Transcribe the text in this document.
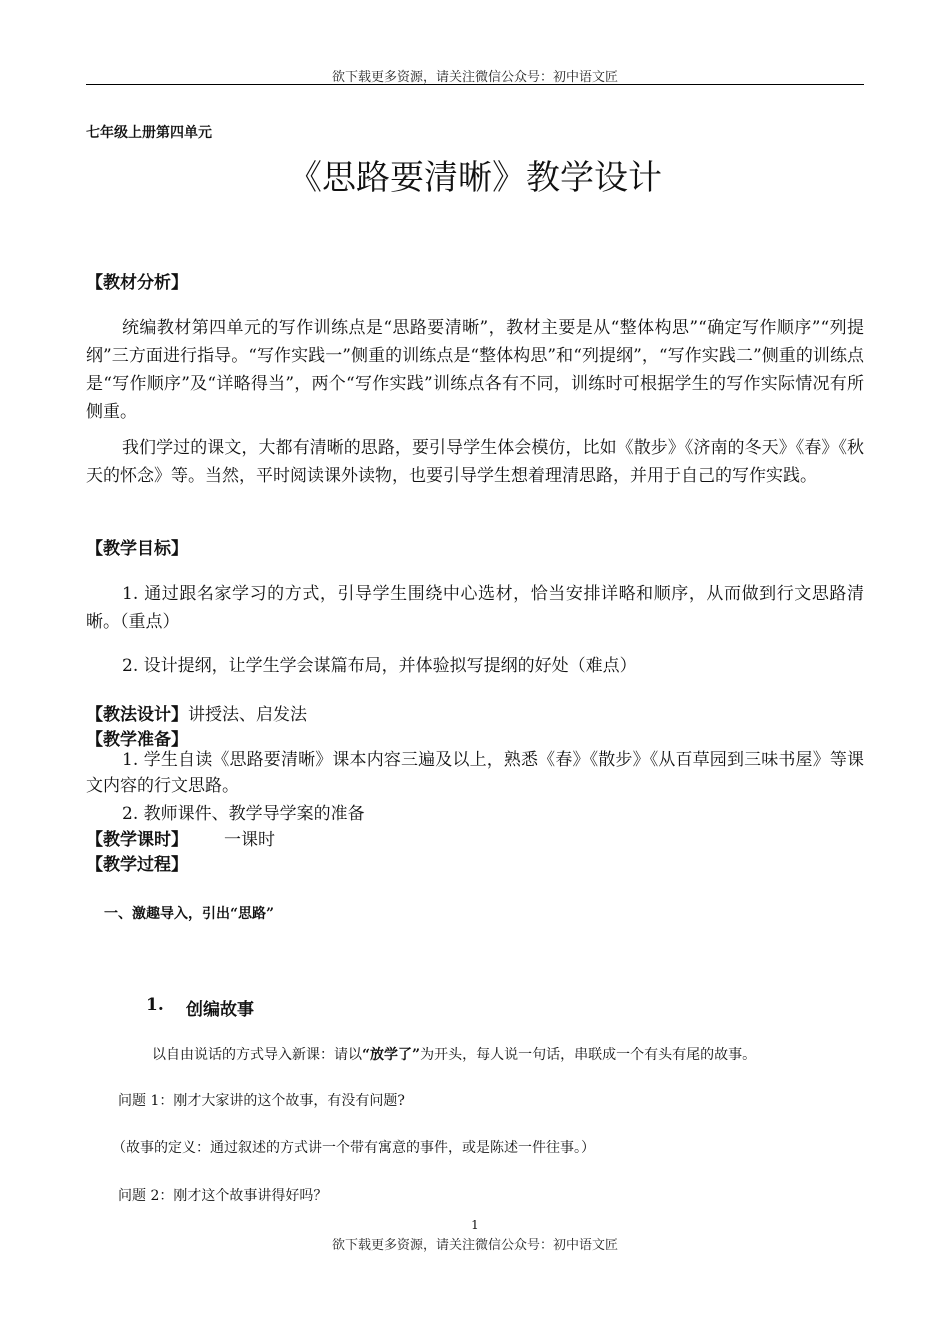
欲下载更多资源，请关注微信公众号：初中语文匠
七年级上册第四单元
《思路要清晰》教学设计
【教材分析】
统编教材第四单元的写作训练点是“思路要清晰”，教材主要是从“整体构思”“确定写作顺序”“列提纲”三方面进行指导。“写作实践一”侧重的训练点是“整体构思”和“列提纲”，“写作实践二”侧重的训练点是“写作顺序”及“详略得当”，两个“写作实践”训练点各有不同，训练时可根据学生的写作实际情况有所侧重。
我们学过的课文，大都有清晰的思路，要引导学生体会模仿，比如《散步》《济南的冬天》《春》《秋天的怀念》等。当然，平时阅读课外读物，也要引导学生想着理清思路，并用于自己的写作实践。
【教学目标】
1. 通过跟名家学习的方式，引导学生围绕中心选材，恰当安排详略和顺序，从而做到行文思路清晰。（重点）
2. 设计提纲，让学生学会谋篇布局，并体验拟写提纲的好处（难点）
【教法设计】讲授法、启发法
【教学准备】
1. 学生自读《思路要清晰》课本内容三遍及以上，熟悉《春》《散步》《从百草园到三味书屋》等课文内容的行文思路。
2. 教师课件、教学导学案的准备
【教学课时】 一课时
【教学过程】
一、激趣导入，引出“思路”
1. 创编故事
以自由说话的方式导入新课：请以“放学了”为开头，每人说一句话，串联成一个有头有尾的故事。
问题 1：刚才大家讲的这个故事，有没有问题?
（故事的定义：通过叙述的方式讲一个带有寓意的事件，或是陈述一件往事。）
问题 2：刚才这个故事讲得好吗？
1
欲下载更多资源，请关注微信公众号：初中语文匠
